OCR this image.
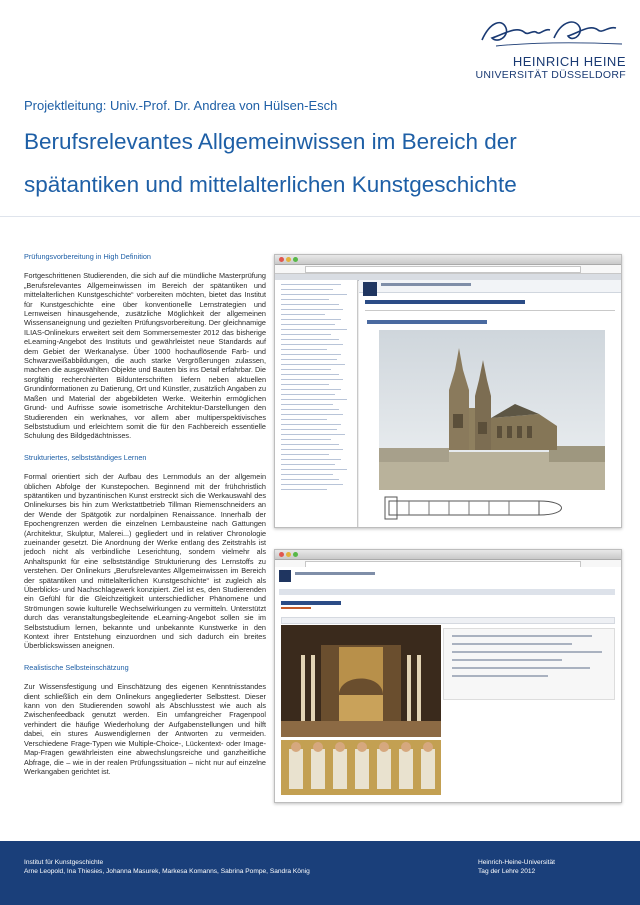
HEINRICH HEINE
UNIVERSITÄT DÜSSELDORF
Projektleitung: Univ.-Prof. Dr. Andrea von Hülsen-Esch
Berufsrelevantes Allgemeinwissen im Bereich der
spätantiken und mittelalterlichen Kunstgeschichte
Prüfungsvorbereitung in High Definition
Fortgeschrittenen Studierenden, die sich auf die mündliche Masterprüfung „Berufsrelevantes Allgemeinwissen im Bereich der spätantiken und mittelalterlichen Kunstgeschichte“ vorbereiten möchten, bietet das Institut für Kunstgeschichte eine über konventionelle Lernstrategien und Lernweisen hinausgehende, zusätzliche Möglichkeit der allgemeinen Wissensaneignung und gezielten Prüfungsvorbereitung. Der gleichnamige ILIAS-Onlinekurs erweitert seit dem Sommersemester 2012 das bisherige eLearning-Angebot des Instituts und gewährleistet neue Standards auf dem Gebiet der Werkanalyse. Über 1000 hochauflösende Farb- und Schwarzweißabbildungen, die auch starke Vergrößerungen zulassen, machen die ausgewählten Objekte und Bauten bis ins Detail erfahrbar. Die sorgfältig recherchierten Bildunterschriften liefern neben aktuellen Grundinformationen zu Datierung, Ort und Künstler, zusätzlich Angaben zu Maßen und Material der abgebildeten Werke. Weiterhin ermöglichen Grund- und Aufrisse sowie isometrische Architektur-Darstellungen den Studierenden ein werknahes, vor allem aber multiperspektivisches Selbststudium und erleichtern somit die für den Fachbereich essentielle Schulung des Bildgedächtnisses.
Strukturiertes, selbstständiges Lernen
Formal orientiert sich der Aufbau des Lernmoduls an der allgemein üblichen Abfolge der Kunstepochen. Beginnend mit der frühchristlich spätantiken und byzantinischen Kunst erstreckt sich die Werkauswahl des Onlinekurses bis hin zum Werkstattbetrieb Tillman Riemenschneiders an der Wende der Spätgotik zur nordalpinen Renaissance. Innerhalb der Epochengrenzen werden die einzelnen Lernbausteine nach Gattungen (Architektur, Skulptur, Malerei...) gegliedert und in relativer Chronologie zueinander gesetzt. Die Anordnung der Werke entlang des Zeitstrahls ist jedoch nicht als verbindliche Leserichtung, sondern vielmehr als Anhaltspunkt für eine selbstständige Strukturierung des Lernstoffs zu verstehen. Der Onlinekurs „Berufsrelevantes Allgemeinwissen im Bereich der spätantiken und mittelalterlichen Kunstgeschichte“ ist zugleich als Überblicks- und Nachschlagewerk konzipiert. Ziel ist es, den Studierenden ein Gefühl für die Gleichzeitigkeit unterschiedlicher Phänomene und Strömungen sowie kulturelle Wechselwirkungen zu vermitteln. Unterstützt durch das veranstaltungsbegleitende eLearning-Angebot sollen sie im Selbststudium lernen, bekannte und unbekannte Kunstwerke in den Kontext ihrer Entstehung einzuordnen und sich dadurch ein breites Überblickswissen aneignen.
Realistische Selbsteinschätzung
Zur Wissensfestigung und Einschätzung des eigenen Kenntnisstandes dient schließlich ein dem Onlinekurs angegliederter Selbsttest. Dieser kann von den Studierenden sowohl als Abschlusstest wie auch als Zwischenfeedback genutzt werden. Ein umfangreicher Fragenpool verhindert die häufige Wiederholung der Aufgabenstellungen und hilft dabei, ein stures Auswendiglernen der Antworten zu vermeiden. Verschiedene Frage-Typen wie Multiple-Choice-, Lückentext- oder Image-Map-Fragen gewährleisten eine abwechslungsreiche und ganzheitliche Abfrage, die – wie in der realen Prüfungssituation – nicht nur auf einzelne Werkangaben gerichtet ist.
Institut für Kunstgeschichte
Arne Leopold, Ina Thiesies, Johanna Masurek, Markesa Komanns, Sabrina Pompe, Sandra König
Heinrich-Heine-Universität
Tag der Lehre 2012
